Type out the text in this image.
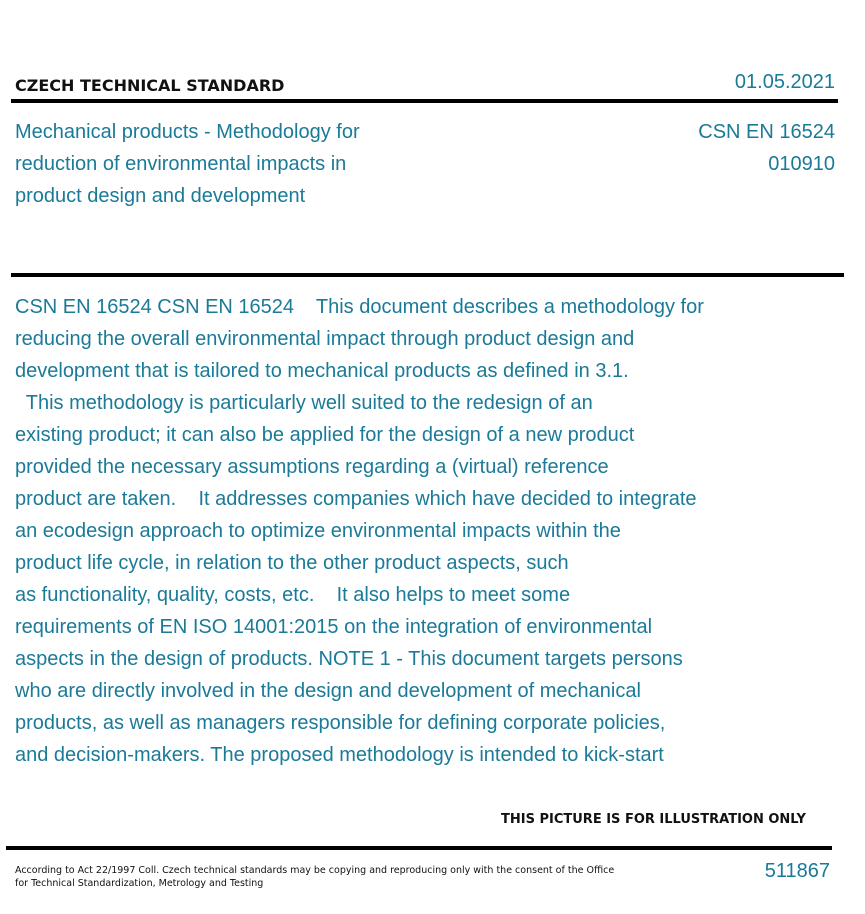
CZECH TECHNICAL STANDARD	01.05.2021
Mechanical products - Methodology for
reduction of environmental impacts in
product design and development
CSN EN 16524
010910
CSN EN 16524 CSN EN 16524    This document describes a methodology for
reducing the overall environmental impact through product design and
development that is tailored to mechanical products as defined in 3.1.
This methodology is particularly well suited to the redesign of an
existing product; it can also be applied for the design of a new product
provided the necessary assumptions regarding a (virtual) reference
product are taken.    It addresses companies which have decided to integrate
an ecodesign approach to optimize environmental impacts within the
product life cycle, in relation to the other product aspects, such
as functionality, quality, costs, etc.    It also helps to meet some
requirements of EN ISO 14001:2015 on the integration of environmental
aspects in the design of products. NOTE 1 - This document targets persons
who are directly involved in the design and development of mechanical
products, as well as managers responsible for defining corporate policies,
and decision-makers. The proposed methodology is intended to kick-start
THIS PICTURE IS FOR ILLUSTRATION ONLY
According to Act 22/1997 Coll. Czech technical standards may be copying and reproducing only with the consent of the Office
for Technical Standardization, Metrology and Testing
511867
